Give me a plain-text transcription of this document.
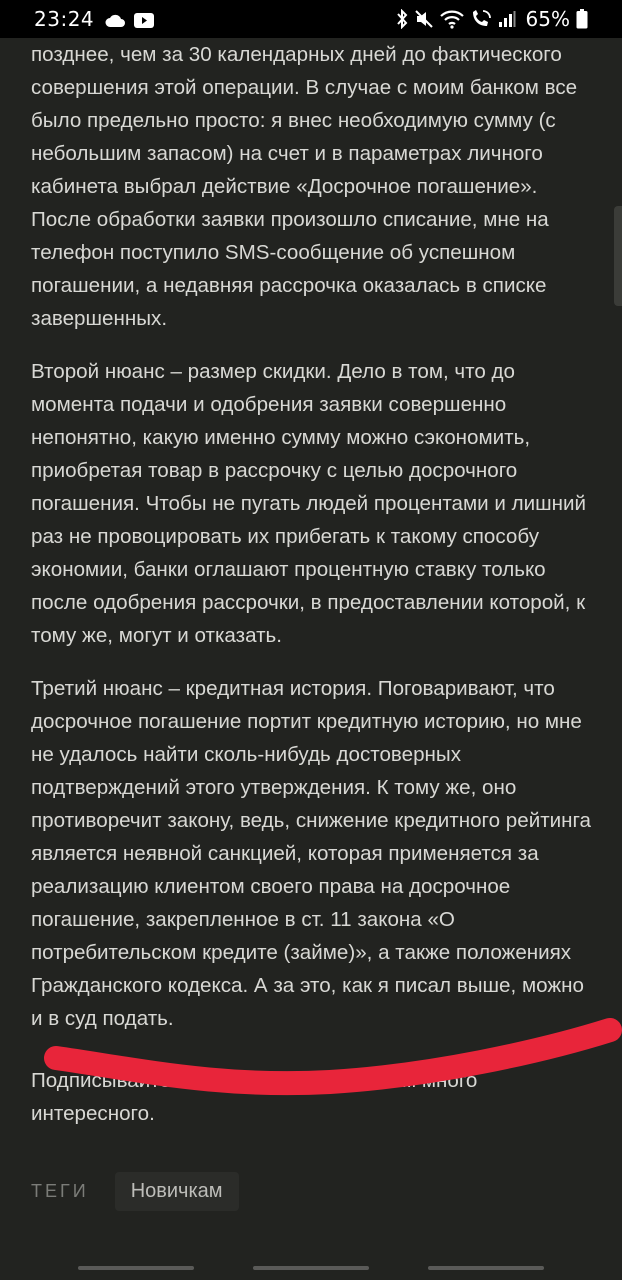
23:24	65%

позднее, чем за 30 календарных дней до фактического совершения этой операции. В случае с моим банком все было предельно просто: я внес необходимую сумму (с небольшим запасом) на счет и в параметрах личного кабинета выбрал действие «Досрочное погашение». После обработки заявки произошло списание, мне на телефон поступило SMS-сообщение об успешном погашении, а недавняя рассрочка оказалась в списке завершенных.

Второй нюанс – размер скидки. Дело в том, что до момента подачи и одобрения заявки совершенно непонятно, какую именно сумму можно сэкономить, приобретая товар в рассрочку с целью досрочного погашения. Чтобы не пугать людей процентами и лишний раз не провоцировать их прибегать к такому способу экономии, банки оглашают процентную ставку только после одобрения рассрочки, в предоставлении которой, к тому же, могут и отказать.

Третий нюанс – кредитная история. Поговаривают, что досрочное погашение портит кредитную историю, но мне не удалось найти сколь-нибудь достоверных подтверждений этого утверждения. К тому же, оно противоречит закону, ведь, снижение кредитного рейтинга является неявной санкцией, которая применяется за реализацию клиентом своего права на досрочное погашение, закрепленное в ст. 11 закона «О потребительском кредите (займе)», а также положениях Гражданского кодекса. А за это, как я писал выше, можно и в суд подать.

Подписывайтесь	дзен. Там много интересного.
ТЕГИ	Новичкам
